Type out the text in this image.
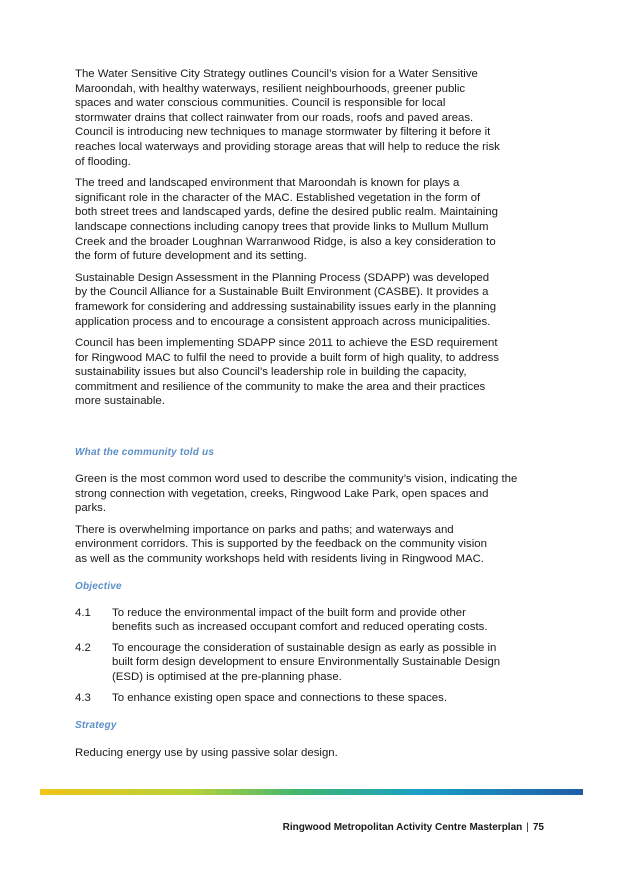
The Water Sensitive City Strategy outlines Council’s vision for a Water Sensitive
Maroondah, with healthy waterways, resilient neighbourhoods, greener public
spaces and water conscious communities. Council is responsible for local
stormwater drains that collect rainwater from our roads, roofs and paved areas.
Council is introducing new techniques to manage stormwater by filtering it before it
reaches local waterways and providing storage areas that will help to reduce the risk
of flooding.

The treed and landscaped environment that Maroondah is known for plays a
significant role in the character of the MAC. Established vegetation in the form of
both street trees and landscaped yards, define the desired public realm. Maintaining
landscape connections including canopy trees that provide links to Mullum Mullum
Creek and the broader Loughnan Warranwood Ridge, is also a key consideration to
the form of future development and its setting.

Sustainable Design Assessment in the Planning Process (SDAPP) was developed
by the Council Alliance for a Sustainable Built Environment (CASBE). It provides a
framework for considering and addressing sustainability issues early in the planning
application process and to encourage a consistent approach across municipalities.

Council has been implementing SDAPP since 2011 to achieve the ESD requirement
for Ringwood MAC to fulfil the need to provide a built form of high quality, to address
sustainability issues but also Council’s leadership role in building the capacity,
commitment and resilience of the community to make the area and their practices
more sustainable.

What the community told us

Green is the most common word used to describe the community’s vision, indicating the
strong connection with vegetation, creeks, Ringwood Lake Park, open spaces and
parks.

There is overwhelming importance on parks and paths; and waterways and
environment corridors. This is supported by the feedback on the community vision
as well as the community workshops held with residents living in Ringwood MAC.

Objective
4.1	To reduce the environmental impact of the built form and provide other
benefits such as increased occupant comfort and reduced operating costs.
4.2	To encourage the consideration of sustainable design as early as possible in
built form design development to ensure Environmentally Sustainable Design
(ESD) is optimised at the pre-planning phase.
4.3	To enhance existing open space and connections to these spaces.
Strategy

Reducing energy use by using passive solar design.

Ringwood Metropolitan Activity Centre Masterplan | 75
